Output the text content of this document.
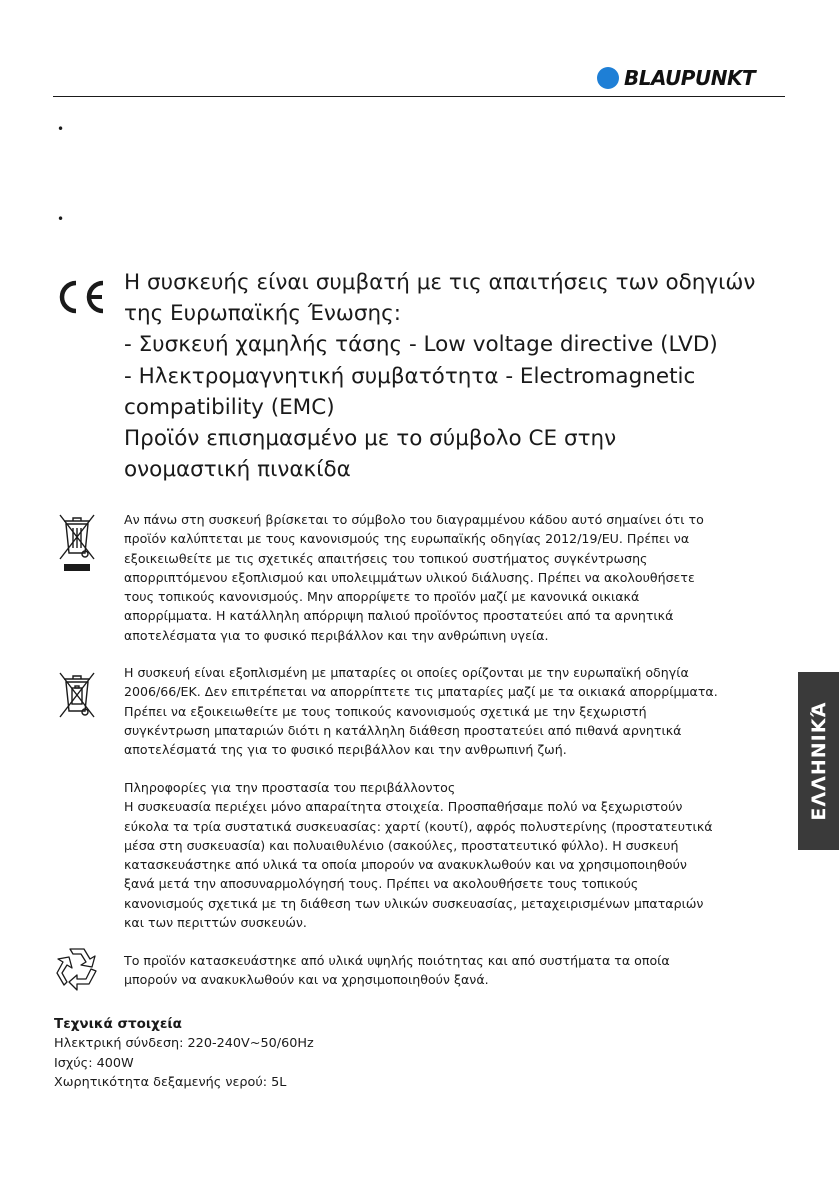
BLAUPUNKT
•
•
Η συσκευής είναι συμβατή με τις απαιτήσεις των οδηγιών
της Ευρωπαϊκής Ένωσης:
- Συσκευή χαμηλής τάσης - Low voltage directive (LVD)
- Ηλεκτρομαγνητική συμβατότητα - Electromagnetic
compatibility (EMC)
Προϊόν επισημασμένο με το σύμβολο CE στην
ονομαστική πινακίδα
Αν πάνω στη συσκευή βρίσκεται το σύμβολο του διαγραμμένου κάδου αυτό σημαίνει ότι το
προϊόν καλύπτεται με τους κανονισμούς της ευρωπαϊκής οδηγίας 2012/19/EU. Πρέπει να
εξοικειωθείτε με τις σχετικές απαιτήσεις του τοπικού συστήματος συγκέντρωσης
απορριπτόμενου εξοπλισμού και υπολειμμάτων υλικού διάλυσης. Πρέπει να ακολουθήσετε
τους τοπικούς κανονισμούς. Μην απορρίψετε το προϊόν μαζί με κανονικά οικιακά
απορρίμματα. Η κατάλληλη απόρριψη παλιού προϊόντος προστατεύει από τα αρνητικά
αποτελέσματα για το φυσικό περιβάλλον και την ανθρώπινη υγεία.
Η συσκευή είναι εξοπλισμένη με μπαταρίες οι οποίες ορίζονται με την ευρωπαϊκή οδηγία
2006/66/ΕΚ. Δεν επιτρέπεται να απορρίπτετε τις μπαταρίες μαζί με τα οικιακά απορρίμματα.
Πρέπει να εξοικειωθείτε με τους τοπικούς κανονισμούς σχετικά με την ξεχωριστή
συγκέντρωση μπαταριών διότι η κατάλληλη διάθεση προστατεύει από πιθανά αρνητικά
αποτελέσματά της για το φυσικό περιβάλλον και την ανθρωπινή ζωή.
Πληροφορίες για την προστασία του περιβάλλοντος
Η συσκευασία περιέχει μόνο απαραίτητα στοιχεία. Προσπαθήσαμε πολύ να ξεχωριστούν
εύκολα τα τρία συστατικά συσκευασίας: χαρτί (κουτί), αφρός πολυστερίνης (προστατευτικά
μέσα στη συσκευασία) και πολυαιθυλένιο (σακούλες, προστατευτικό φύλλο). Η συσκευή
κατασκευάστηκε από υλικά τα οποία μπορούν να ανακυκλωθούν και να χρησιμοποιηθούν
ξανά μετά την αποσυναρμολόγησή τους. Πρέπει να ακολουθήσετε τους τοπικούς
κανονισμούς σχετικά με τη διάθεση των υλικών συσκευασίας, μεταχειρισμένων μπαταριών
και των περιττών συσκευών.
Το προϊόν κατασκευάστηκε από υλικά υψηλής ποιότητας και από συστήματα τα οποία
μπορούν να ανακυκλωθούν και να χρησιμοποιηθούν ξανά.
Τεχνικά στοιχεία
Ηλεκτρική σύνδεση: 220-240V~50/60Hz
Ισχύς: 400W
Χωρητικότητα δεξαμενής νερού: 5L
ΕΛΛΗΝΙΚΆ
